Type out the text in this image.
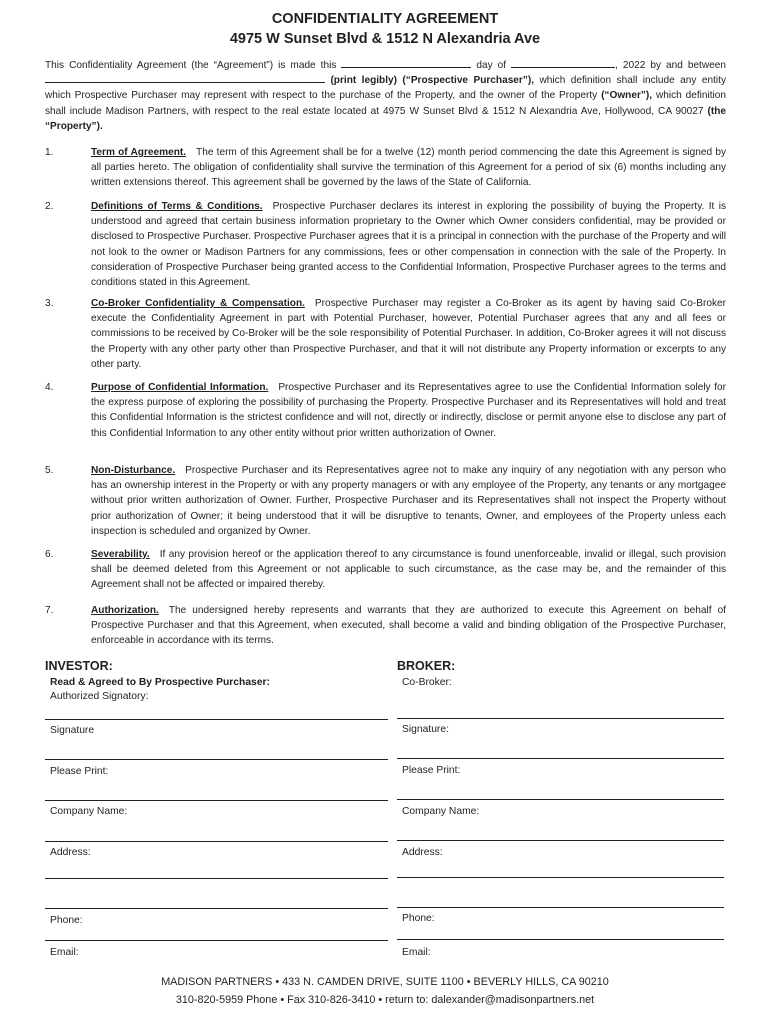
CONFIDENTIALITY AGREEMENT
4975 W Sunset Blvd & 1512 N Alexandria Ave
This Confidentiality Agreement (the “Agreement”) is made this	day of	, 2022 by and between  (print legibly) (“Prospective Purchaser”), which definition shall include any entity which Prospective Purchaser may represent with respect to the purchase of the Property, and the owner of the Property (“Owner”), which definition shall include Madison Partners, with respect to the real estate located at 4975 W Sunset Blvd & 1512 N Alexandria Ave, Hollywood, CA 90027 (the “Property”).
1.	Term of Agreement. The term of this Agreement shall be for a twelve (12) month period commencing the date this Agreement is signed by all parties hereto. The obligation of confidentiality shall survive the termination of this Agreement for a period of six (6) months including any written extensions thereof. This agreement shall be governed by the laws of the State of California.
2.	Definitions of Terms & Conditions. Prospective Purchaser declares its interest in exploring the possibility of buying the Property. It is understood and agreed that certain business information proprietary to the Owner which Owner considers confidential, may be provided or disclosed to Prospective Purchaser. Prospective Purchaser agrees that it is a principal in connection with the purchase of the Property and will not look to the owner or Madison Partners for any commissions, fees or other compensation in connection with the sale of the Property. In consideration of Prospective Purchaser being granted access to the Confidential Information, Prospective Purchaser agrees to the terms and conditions stated in this Agreement.
3.	Co-Broker Confidentiality & Compensation. Prospective Purchaser may register a Co-Broker as its agent by having said Co-Broker execute the Confidentiality Agreement in part with Potential Purchaser, however, Potential Purchaser agrees that any and all fees or commissions to be received by Co-Broker will be the sole responsibility of Potential Purchaser. In addition, Co-Broker agrees it will not discuss the Property with any other party other than Prospective Purchaser, and that it will not distribute any Property information or excerpts to any other party.
4.	Purpose of Confidential Information. Prospective Purchaser and its Representatives agree to use the Confidential Information solely for the express purpose of exploring the possibility of purchasing the Property. Prospective Purchaser and its Representatives will hold and treat this Confidential Information is the strictest confidence and will not, directly or indirectly, disclose or permit anyone else to disclose any part of this Confidential Information to any other entity without prior written authorization of Owner.
5.	Non-Disturbance. Prospective Purchaser and its Representatives agree not to make any inquiry of any negotiation with any person who has an ownership interest in the Property or with any property managers or with any employee of the Property, any tenants or any mortgagee without prior written authorization of Owner. Further, Prospective Purchaser and its Representatives shall not inspect the Property without prior authorization of Owner; it being understood that it will be disruptive to tenants, Owner, and employees of the Property unless each inspection is scheduled and organized by Owner.
6.	Severability. If any provision hereof or the application thereof to any circumstance is found unenforceable, invalid or illegal, such provision shall be deemed deleted from this Agreement or not applicable to such circumstance, as the case may be, and the remainder of this Agreement shall not be affected or impaired thereby.
7.	Authorization. The undersigned hereby represents and warrants that they are authorized to execute this Agreement on behalf of Prospective Purchaser and that this Agreement, when executed, shall become a valid and binding obligation of the Prospective Purchaser, enforceable in accordance with its terms.
INVESTOR:
Read & Agreed to By Prospective Purchaser:
Authorized Signatory:
Signature
Please Print:
Company Name:
Address:
Phone:
Email:
BROKER:
Co-Broker:
Signature:
Please Print:
Company Name:
Address:
Phone:
Email:
MADISON PARTNERS • 433 N. CAMDEN DRIVE, SUITE 1100 • BEVERLY HILLS, CA 90210
310-820-5959 Phone • Fax 310-826-3410 • return to: dalexander@madisonpartners.net
